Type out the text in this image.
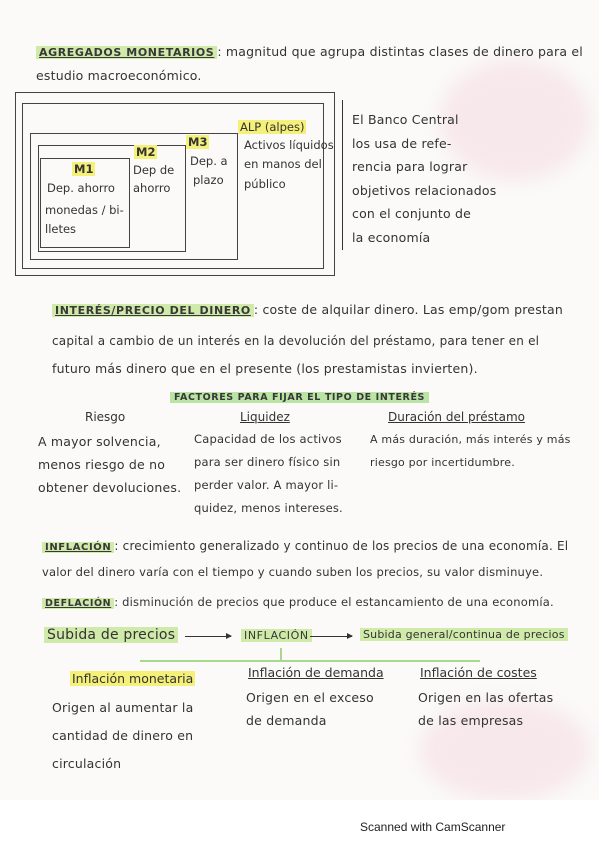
AGREGADOS MONETARIOS : magnitud que agrupa distintas clases de dinero para el
estudio macroeconómico.
ALP (alpes)
Activos líquidos
en manos del
público
M3
Dep. a
plazo
M2
Dep de
ahorro
M1
Dep. ahorro
monedas / bi-
lletes
El Banco Central
los usa de refe-
rencia para lograr
objetivos relacionados
con el conjunto de
la economía
INTERÉS/PRECIO DEL DINERO : coste de alquilar dinero. Las emp/gom prestan
capital a cambio de un interés en la devolución del préstamo, para tener en el
futuro más dinero que en el presente (los prestamistas invierten).
FACTORES PARA FIJAR EL TIPO DE INTERÉS
Riesgo
A mayor solvencia,
menos riesgo de no
obtener devoluciones.
Liquidez
Capacidad de los activos
para ser dinero físico sin
perder valor. A mayor li-
quidez, menos intereses.
Duración del préstamo
A más duración, más interés y más
riesgo por incertidumbre.
INFLACIÓN : crecimiento generalizado y continuo de los precios de una economía. El
valor del dinero varía con el tiempo y cuando suben los precios, su valor disminuye.
DEFLACIÓN : disminución de precios que produce el estancamiento de una economía.
Subida de precios	INFLACIÓN	Subida general/continua de precios
Inflación monetaria
Origen al aumentar la
cantidad de dinero en
circulación
Inflación de demanda
Origen en el exceso
de demanda
Inflación de costes
Origen en las ofertas
de las empresas
Scanned with CamScanner
